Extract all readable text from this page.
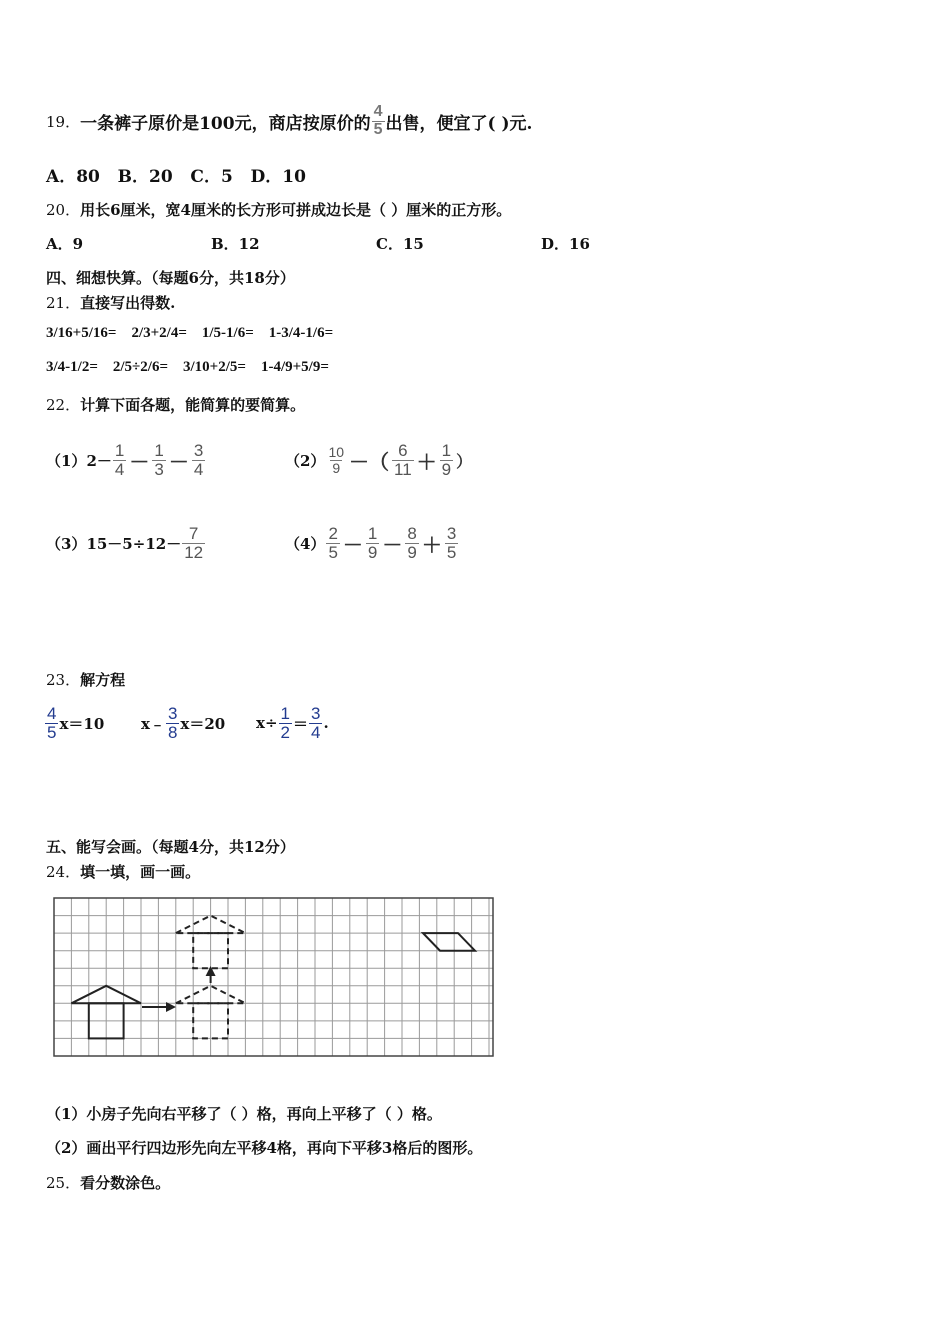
19． 一条裤子原价是100元，商店按原价的 $\frac{4}{5}$ 出售，便宜了( )元.
A．80 B．20 C．5 D．10
20．用长6厘米，宽4厘米的长方形可拼成边长是（ ）厘米的正方形。
A．9	B．12	C．15	D．16
四、细想快算。（每题6分，共18分）
21．直接写出得数.
3/16+5/16= 2/3+2/4= 1/5-1/6= 1-3/4-1/6=
3/4-1/2= 2/5÷2/6= 3/10+2/5= 1-4/9+5/9=
22．计算下面各题，能简算的要简算。
（1） $2- \frac{1}{4} - \frac{1}{3} - \frac{3}{4}$	$(2) \frac{10}{9}$ －（ $\frac{6}{11} + \frac{1}{9}$ ）
（3） $15-5\div 12- \frac{7}{12}$	$(4) \frac{2}{5} - \frac{1}{9} - \frac{8}{9} + \frac{3}{5}$
23．解方程
$\frac{4}{5} x=10$ x﹣ $\frac{3}{8} x=20$ $x\div \frac{1}{2} = \frac{3}{4}$ .
五、能写会画。（每题4分，共12分）
24．填一填，画一画。
（1）小房子先向右平移了（ ）格，再向上平移了（ ）格。
（2）画出平行四边形先向左平移4格，再向下平移3格后的图形。
25．看分数涂色。
